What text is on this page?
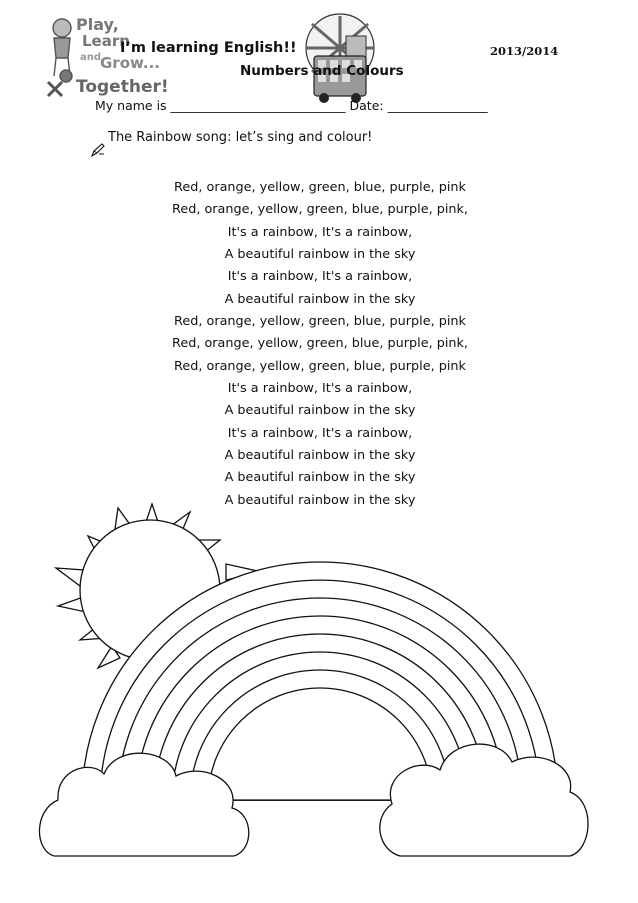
Play,
Learn
and
Grow...
Together!
I’m learning English!!	2013/2014
Numbers and Colours
My name is ____________________________ Date: ________________
The Rainbow song: let’s sing and colour!
Red, orange, yellow, green, blue, purple, pink
Red, orange, yellow, green, blue, purple, pink,
It's a rainbow, It's a rainbow,
A beautiful rainbow in the sky
It's a rainbow, It's a rainbow,
A beautiful rainbow in the sky
Red, orange, yellow, green, blue, purple, pink
Red, orange, yellow, green, blue, purple, pink,
Red, orange, yellow, green, blue, purple, pink
It's a rainbow, It's a rainbow,
A beautiful rainbow in the sky
It's a rainbow, It's a rainbow,
A beautiful rainbow in the sky
A beautiful rainbow in the sky
A beautiful rainbow in the sky
